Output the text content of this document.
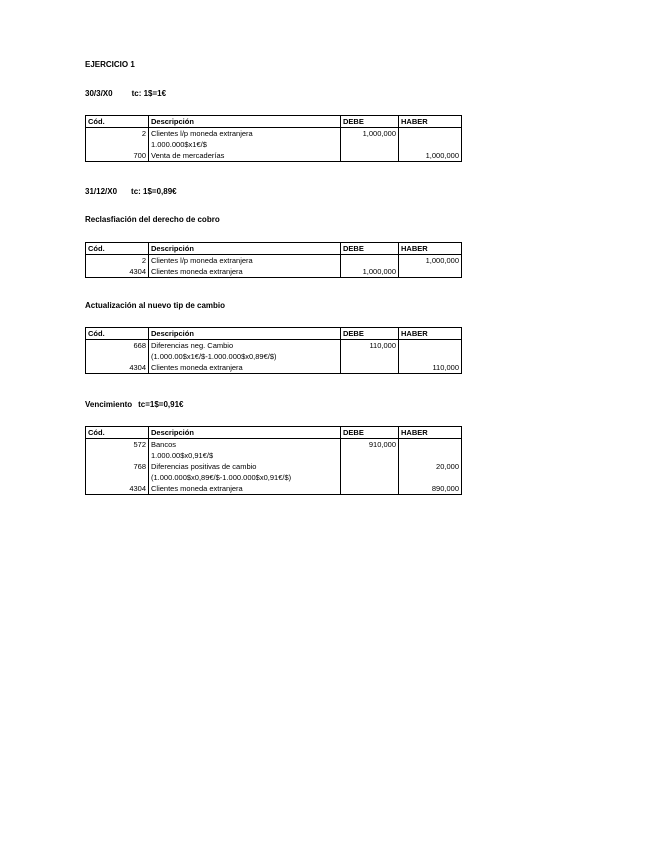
EJERCICIO 1
30/3/X0 tc: 1$=1€
Cód.	Descripción	DEBE	HABER
2	Clientes l/p moneda extranjera	1,000,000	
	1.000.000$x1€/$		
700	Venta de mercaderías		1,000,000
31/12/X0 tc: 1$=0,89€
Reclasfiación del derecho de cobro
Cód.	Descripción	DEBE	HABER
2	Clientes l/p moneda extranjera		1,000,000
4304	Clientes moneda extranjera	1,000,000	
Actualización al nuevo tip de cambio
Cód.	Descripción	DEBE	HABER
668	Diferencias neg. Cambio	110,000	
	(1.000.00$x1€/$-1.000.000$x0,89€/$)		
4304	Clientes moneda extranjera		110,000
Vencimiento tc=1$=0,91€
Cód.	Descripción	DEBE	HABER
572	Bancos	910,000	
	1.000.00$x0,91€/$		
768	Diferencias positivas de cambio		20,000
	(1.000.000$x0,89€/$-1.000.000$x0,91€/$)		
4304	Clientes moneda extranjera		890,000
